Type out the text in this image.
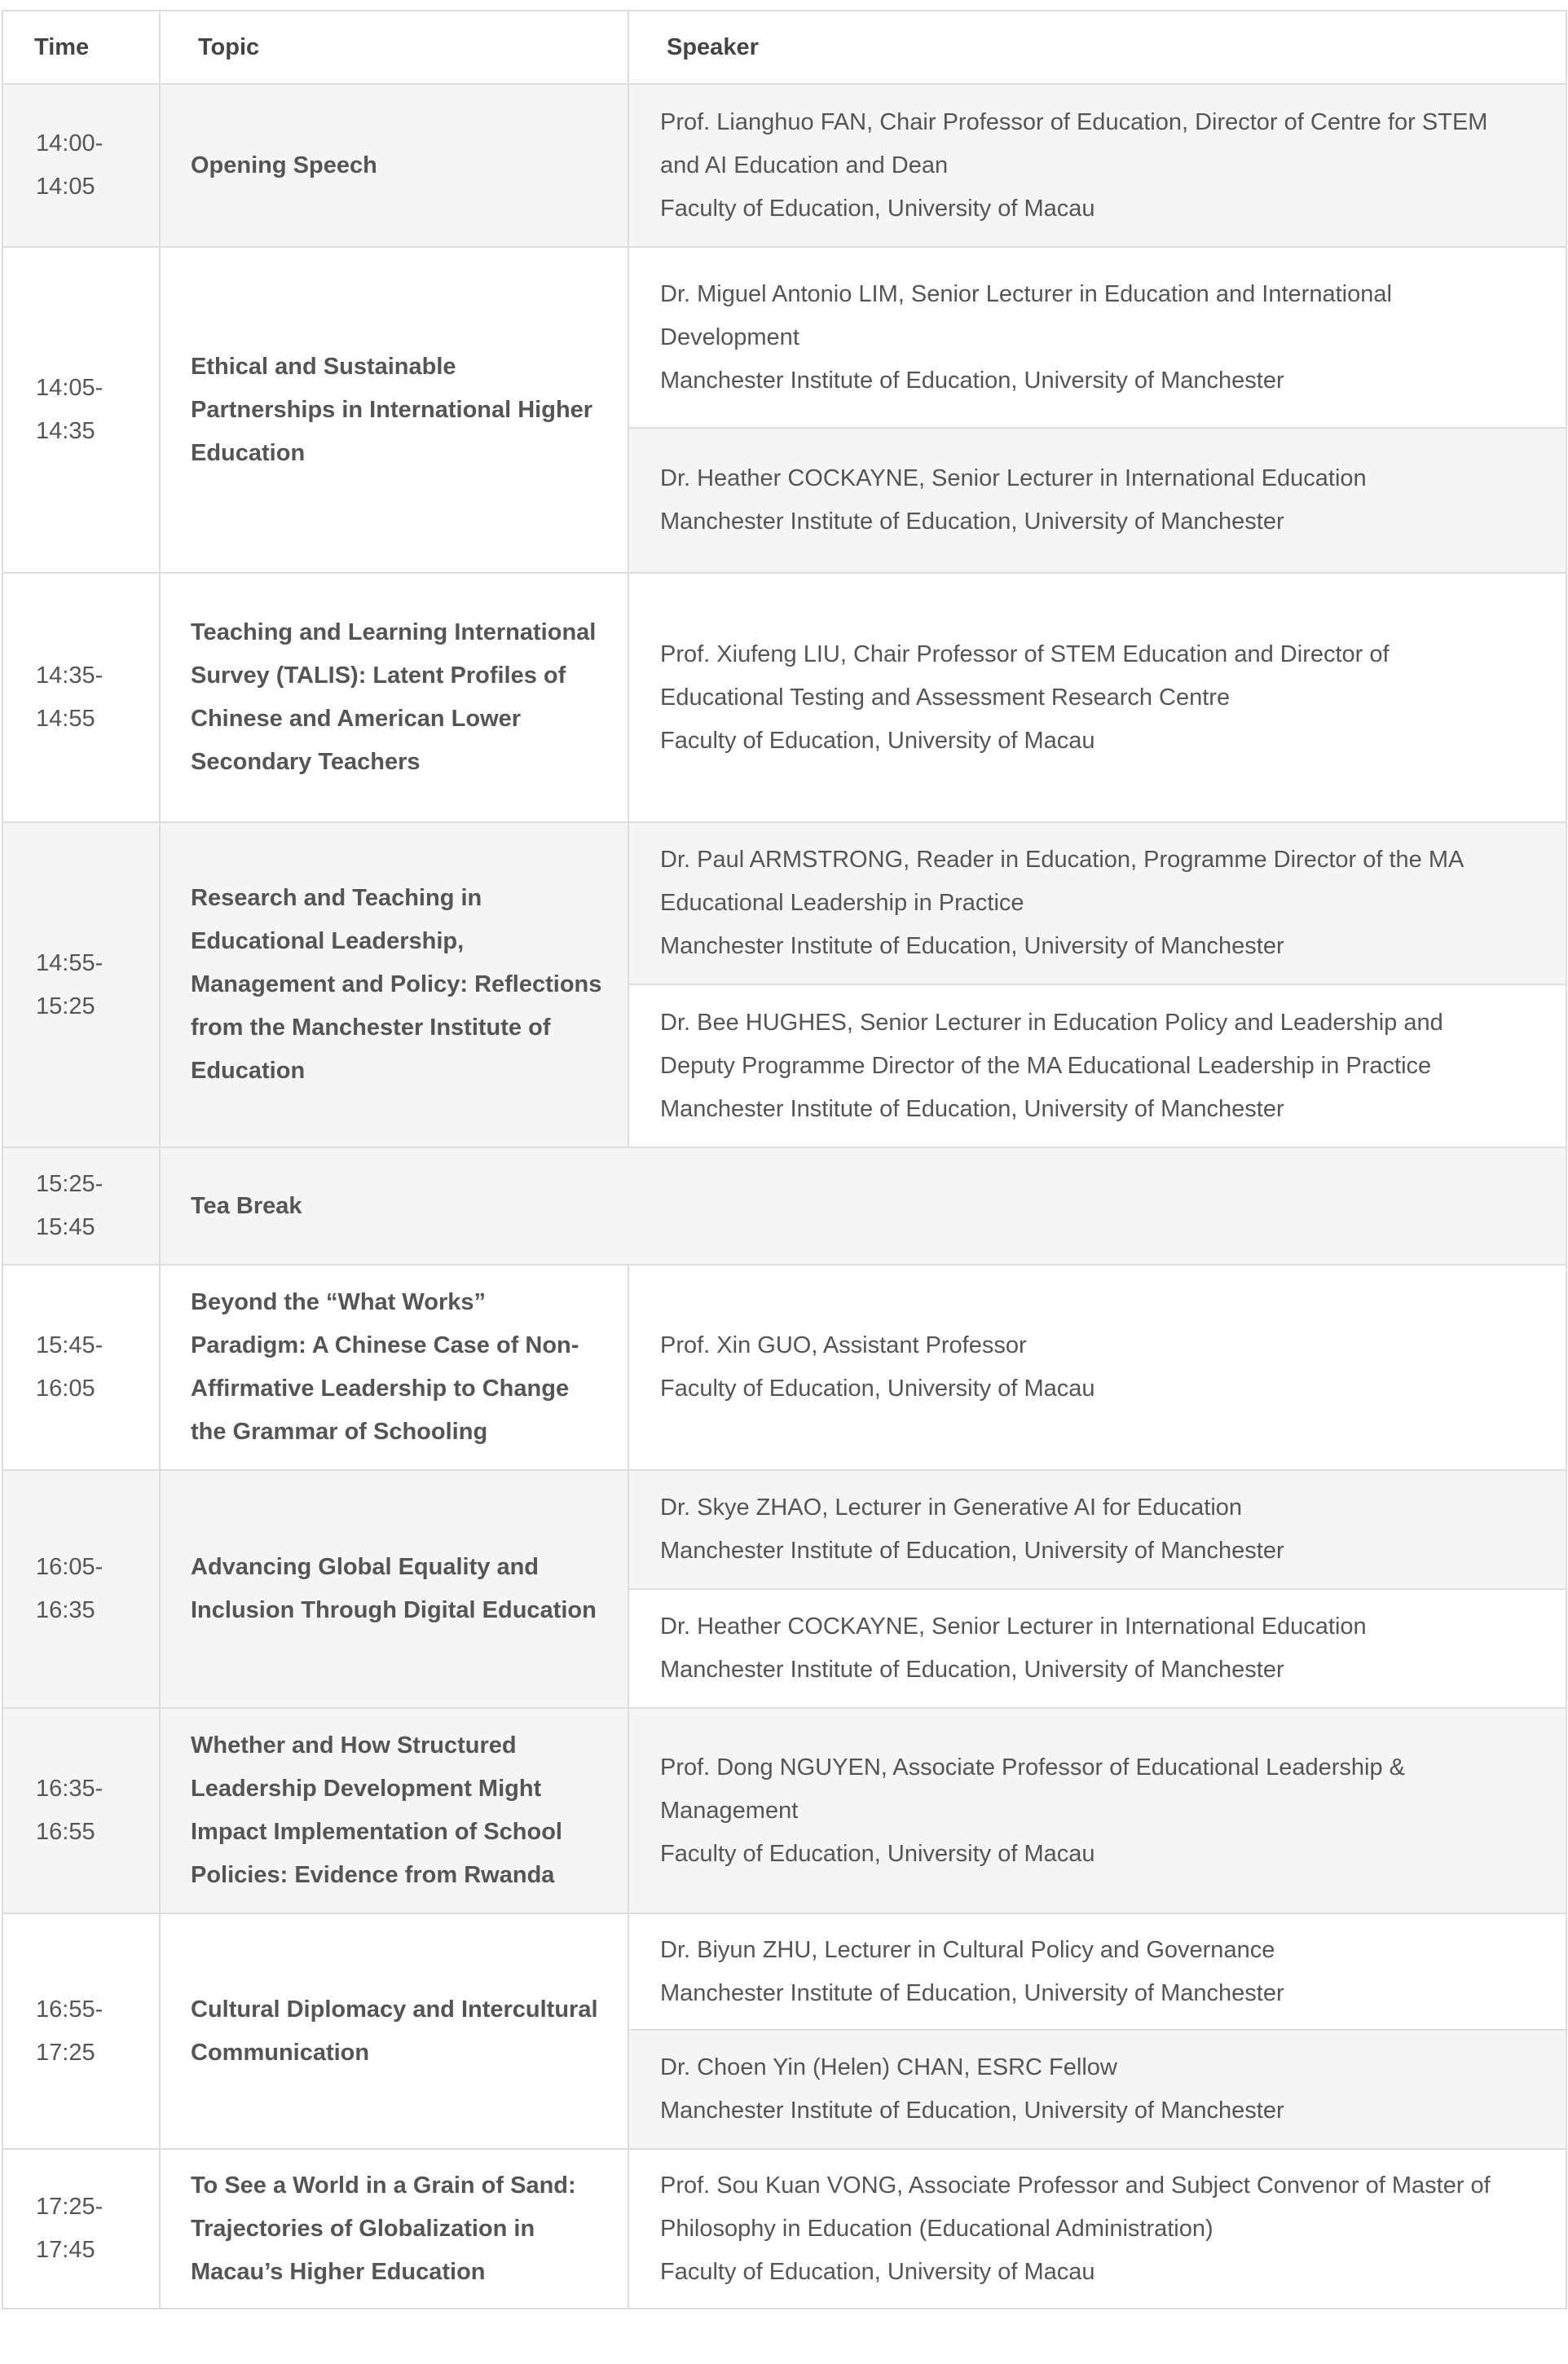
Time	Topic	Speaker
14:00-
14:05	Opening Speech	Prof. Lianghuo FAN, Chair Professor of Education, Director of Centre for STEM
and AI Education and Dean
Faculty of Education, University of Macau

14:05-
14:35	Ethical and Sustainable Partnerships in International Higher Education	Dr. Miguel Antonio LIM, Senior Lecturer in Education and International
Development
Manchester Institute of Education, University of Manchester

		Dr. Heather COCKAYNE, Senior Lecturer in International Education
Manchester Institute of Education, University of Manchester

14:35-
14:55	Teaching and Learning International Survey (TALIS): Latent Profiles of Chinese and American Lower Secondary Teachers	Prof. Xiufeng LIU, Chair Professor of STEM Education and Director of
Educational Testing and Assessment Research Centre
Faculty of Education, University of Macau

14:55-
15:25	Research and Teaching in Educational Leadership, Management and Policy: Reflections from the Manchester Institute of Education	Dr. Paul ARMSTRONG, Reader in Education, Programme Director of the MA
Educational Leadership in Practice
Manchester Institute of Education, University of Manchester

		Dr. Bee HUGHES, Senior Lecturer in Education Policy and Leadership and
Deputy Programme Director of the MA Educational Leadership in Practice
Manchester Institute of Education, University of Manchester

15:25-
15:45	Tea Break	
15:45-
16:05	Beyond the “What Works” Paradigm: A Chinese Case of Non-Affirmative Leadership to Change the Grammar of Schooling	Prof. Xin GUO, Assistant Professor
Faculty of Education, University of Macau

16:05-
16:35	Advancing Global Equality and Inclusion Through Digital Education	Dr. Skye ZHAO, Lecturer in Generative AI for Education
Manchester Institute of Education, University of Manchester

		Dr. Heather COCKAYNE, Senior Lecturer in International Education
Manchester Institute of Education, University of Manchester

16:35-
16:55	Whether and How Structured Leadership Development Might Impact Implementation of School Policies: Evidence from Rwanda	Prof. Dong NGUYEN, Associate Professor of Educational Leadership &
Management
Faculty of Education, University of Macau

16:55-
17:25	Cultural Diplomacy and Intercultural Communication	Dr. Biyun ZHU, Lecturer in Cultural Policy and Governance
Manchester Institute of Education, University of Manchester

		Dr. Choen Yin (Helen) CHAN, ESRC Fellow
Manchester Institute of Education, University of Manchester

17:25-
17:45	To See a World in a Grain of Sand: Trajectories of Globalization in Macau’s Higher Education	Prof. Sou Kuan VONG, Associate Professor and Subject Convenor of Master of
Philosophy in Education (Educational Administration)
Faculty of Education, University of Macau
